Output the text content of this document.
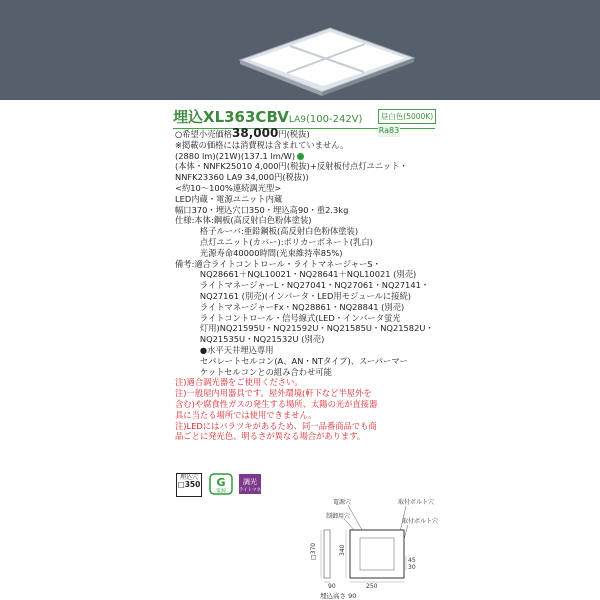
埋込XL363CBVLA9(100-242V)	昼白色(5000K)
Ra83
○希望小売価格38,000円(税抜)
※掲載の価格には消費税は含まれていません。
(2880 lm)(21W)(137.1 lm/W)
(本体・NNFK25010 4,000円(税抜)+反射板付点灯ユニット・
NNFK23360 LA9 34,000円(税抜))
<約10～100%連続調光型>
LED内蔵・電源ユニット内蔵
幅口370・埋込穴口350・埋込高90・重2.3kg
仕様:本体:鋼板(高反射白色粉体塗装)
　　　格子ルーバ:亜鉛鋼板(高反射白色粉体塗装)
　　　点灯ユニット(カバー):ポリカーボネート(乳白)
　　　光源寿命40000時間(光束維持率85%)
備考:適合ライトコントロール・ライトマネージャーS・
　　　NQ28661＋NQL10021・NQ28641＋NQL10021 (別売)
　　　ライトマネージャーL・NQ27041・NQ27061・NQ27141・
　　　NQ27161 (別売)(インバータ・LED用モジュールに接続)
　　　ライトマネージャーFx・NQ28861・NQ28841 (別売)
　　　ライトコントロール・信号線式(LED・インバータ蛍光
　　　灯用)NQ21595U・NQ21592U・NQ21585U・NQ21582U・
　　　NQ21535U・NQ21532U (別売)
　　　●水平天井埋込専用
　　　セパレートセルコン(A、AN・NTタイプ)、スーパーマー
　　　ケットセルコンとの組み合わせ可能
注)適合調光器をご使用ください。
注)一般屋内用器具です。屋外環境(軒下など半屋外を
含む)や腐食性ガスの発生する場所、太陽の光が直接器
具に当たる場所では使用できません。
注)LEDにはバラツキがあるため、同一品番商品でも商
品ごとに発光色、明るさが異なる場合があります。
埋込穴
□350 G
電源
調光
ライトマネ
電源穴
制御用穴
取付ボルト穴
取付ボルト穴
□370	340
45
30
90	250
埋込高さ 90
